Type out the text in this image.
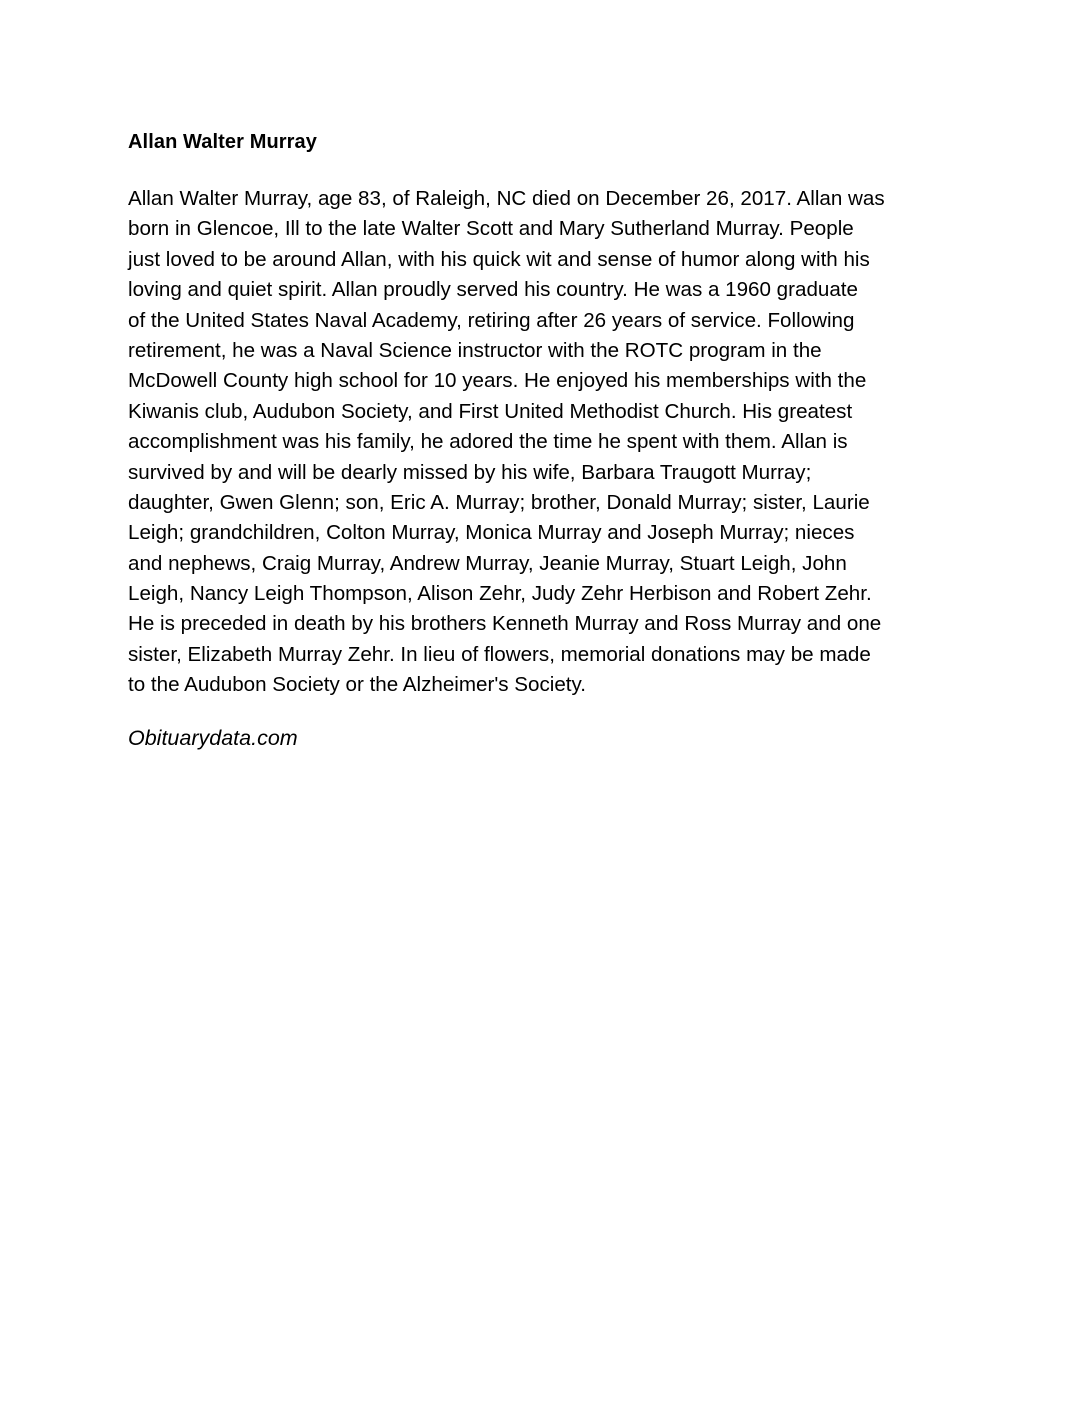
Allan Walter Murray
Allan Walter Murray, age 83, of Raleigh, NC died on December 26, 2017. Allan was
born in Glencoe, Ill to the late Walter Scott and Mary Sutherland Murray. People
just loved to be around Allan, with his quick wit and sense of humor along with his
loving and quiet spirit. Allan proudly served his country. He was a 1960 graduate
of the United States Naval Academy, retiring after 26 years of service. Following
retirement, he was a Naval Science instructor with the ROTC program in the
McDowell County high school for 10 years. He enjoyed his memberships with the
Kiwanis club, Audubon Society, and First United Methodist Church. His greatest
accomplishment was his family, he adored the time he spent with them. Allan is
survived by and will be dearly missed by his wife, Barbara Traugott Murray;
daughter, Gwen Glenn; son, Eric A. Murray; brother, Donald Murray; sister, Laurie
Leigh; grandchildren, Colton Murray, Monica Murray and Joseph Murray; nieces
and nephews, Craig Murray, Andrew Murray, Jeanie Murray, Stuart Leigh, John
Leigh, Nancy Leigh Thompson, Alison Zehr, Judy Zehr Herbison and Robert Zehr.
He is preceded in death by his brothers Kenneth Murray and Ross Murray and one
sister, Elizabeth Murray Zehr. In lieu of flowers, memorial donations may be made
to the Audubon Society or the Alzheimer's Society.
Obituarydata.com
